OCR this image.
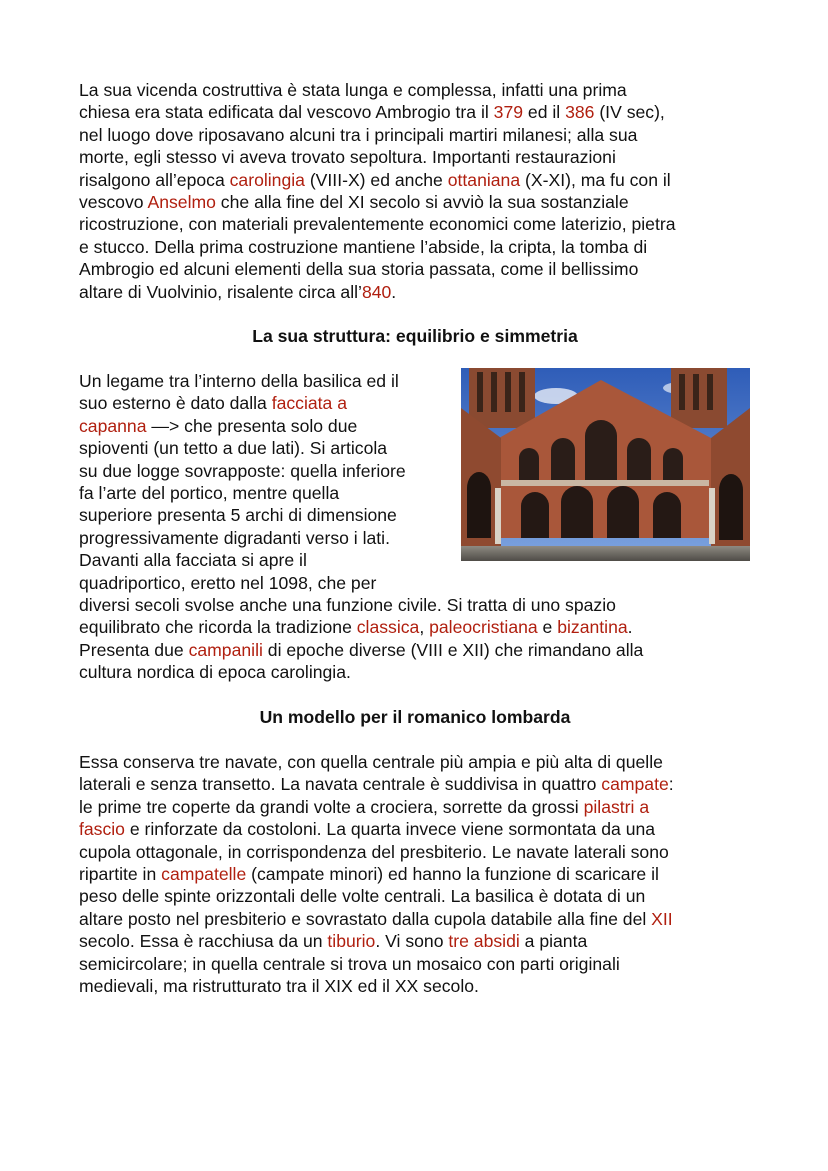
La sua vicenda costruttiva è stata lunga e complessa, infatti una prima
chiesa era stata edificata dal vescovo Ambrogio tra il 379 ed il 386 (IV sec),
nel luogo dove riposavano alcuni tra i principali martiri milanesi; alla sua
morte, egli stesso vi aveva trovato sepoltura. Importanti restaurazioni
risalgono all’epoca carolingia (VIII-X) ed anche ottaniana (X-XI), ma fu con il
vescovo Anselmo che alla fine del XI secolo si avviò la sua sostanziale
ricostruzione, con materiali prevalentemente economici come laterizio, pietra
e stucco. Della prima costruzione mantiene l’abside, la cripta, la tomba di
Ambrogio ed alcuni elementi della sua storia passata, come il bellissimo
altare di Vuolvinio, risalente circa all’840.
La sua struttura: equilibrio e simmetria
Un legame tra l’interno della basilica ed il
suo esterno è dato dalla facciata a
capanna —> che presenta solo due
spioventi (un tetto a due lati). Si articola
su due logge sovrapposte: quella inferiore
fa l’arte del portico, mentre quella
superiore presenta 5 archi di dimensione
progressivamente digradanti verso i lati.
Davanti alla facciata si apre il
quadriportico, eretto nel 1098, che per
diversi secoli svolse anche una funzione civile. Si tratta di uno spazio
equilibrato che ricorda la tradizione classica, paleocristiana e bizantina.
Presenta due campanili di epoche diverse (VIII e XII) che rimandano alla
cultura nordica di epoca carolingia.
Un modello per il romanico lombarda
Essa conserva tre navate, con quella centrale più ampia e più alta di quelle
laterali e senza transetto. La navata centrale è suddivisa in quattro campate:
le prime tre coperte da grandi volte a crociera, sorrette da grossi pilastri a
fascio e rinforzate da costoloni. La quarta invece viene sormontata da una
cupola ottagonale, in corrispondenza del presbiterio. Le navate laterali sono
ripartite in campatelle (campate minori) ed hanno la funzione di scaricare il
peso delle spinte orizzontali delle volte centrali. La basilica è dotata di un
altare posto nel presbiterio e sovrastato dalla cupola databile alla fine del XII
secolo. Essa è racchiusa da un tiburio. Vi sono tre absidi a pianta
semicircolare; in quella centrale si trova un mosaico con parti originali
medievali, ma ristrutturato tra il XIX ed il XX secolo.
